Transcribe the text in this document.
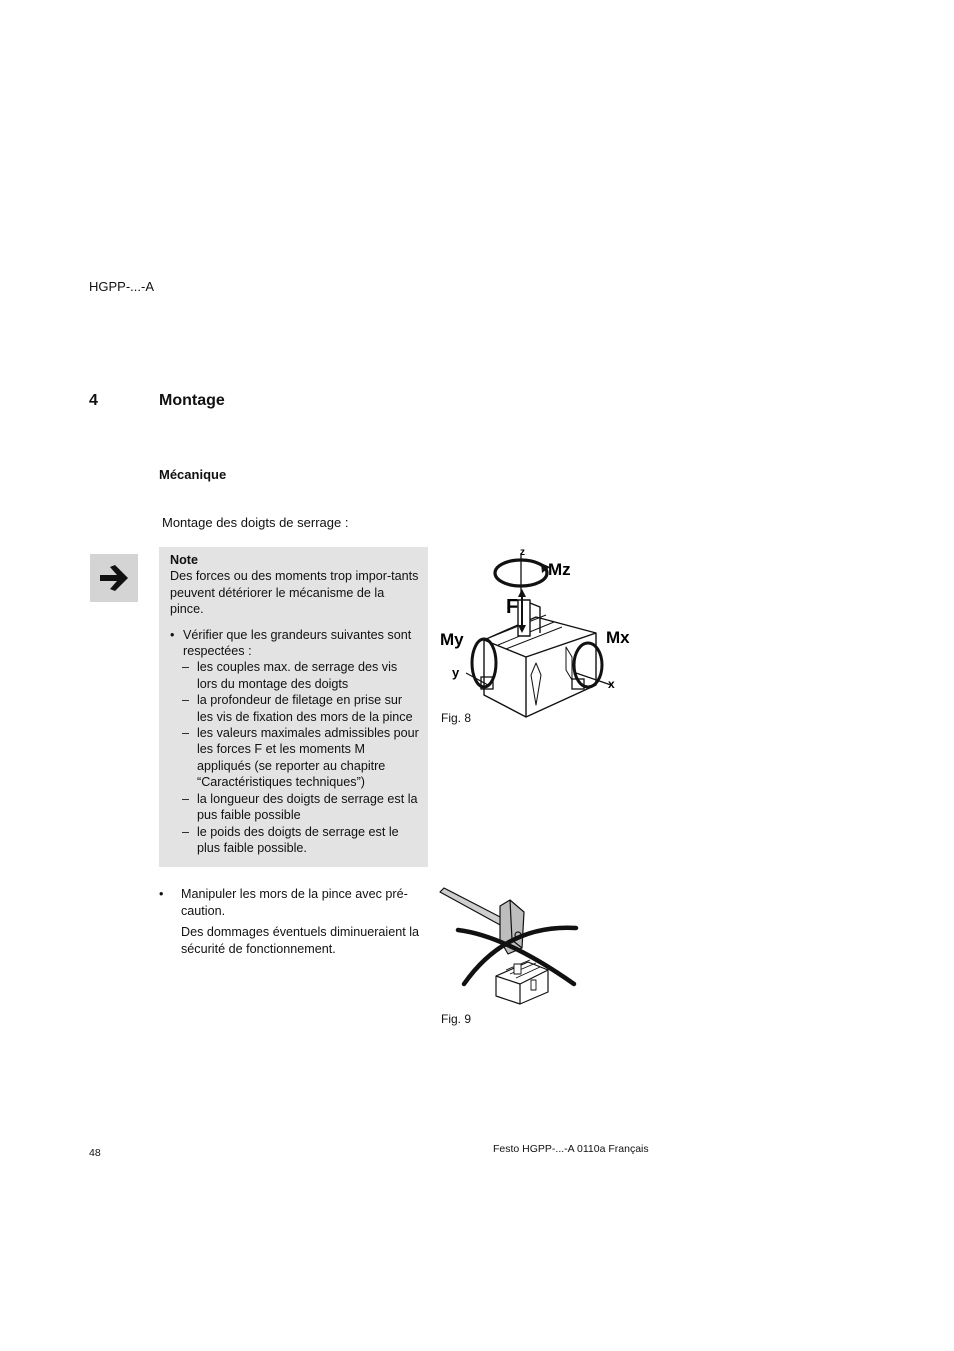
HGPP-...-A
4	Montage
Mécanique
Montage des doigts de serrage :
Note
Des forces ou des moments trop impor-tants peuvent détériorer le mécanisme de la pince.
• Vérifier que les grandeurs suivantes sont respectées :
– les couples max. de serrage des vis lors du montage des doigts
– la profondeur de filetage en prise sur les vis de fixation des mors de la pince
– les valeurs maximales admissibles pour les forces F et les moments M appliqués (se reporter au chapitre “Caractéristiques techniques”)
– la longueur des doigts de serrage est la pus faible possible
– le poids des doigts de serrage est le plus faible possible.
z
Mz
F
My
y
Mx
x
Fig. 8
• Manipuler les mors de la pince avec pré-caution.
Des dommages éventuels diminueraient la sécurité de fonctionnement.
Fig. 9
48	Festo HGPP-...-A 0110a Français
